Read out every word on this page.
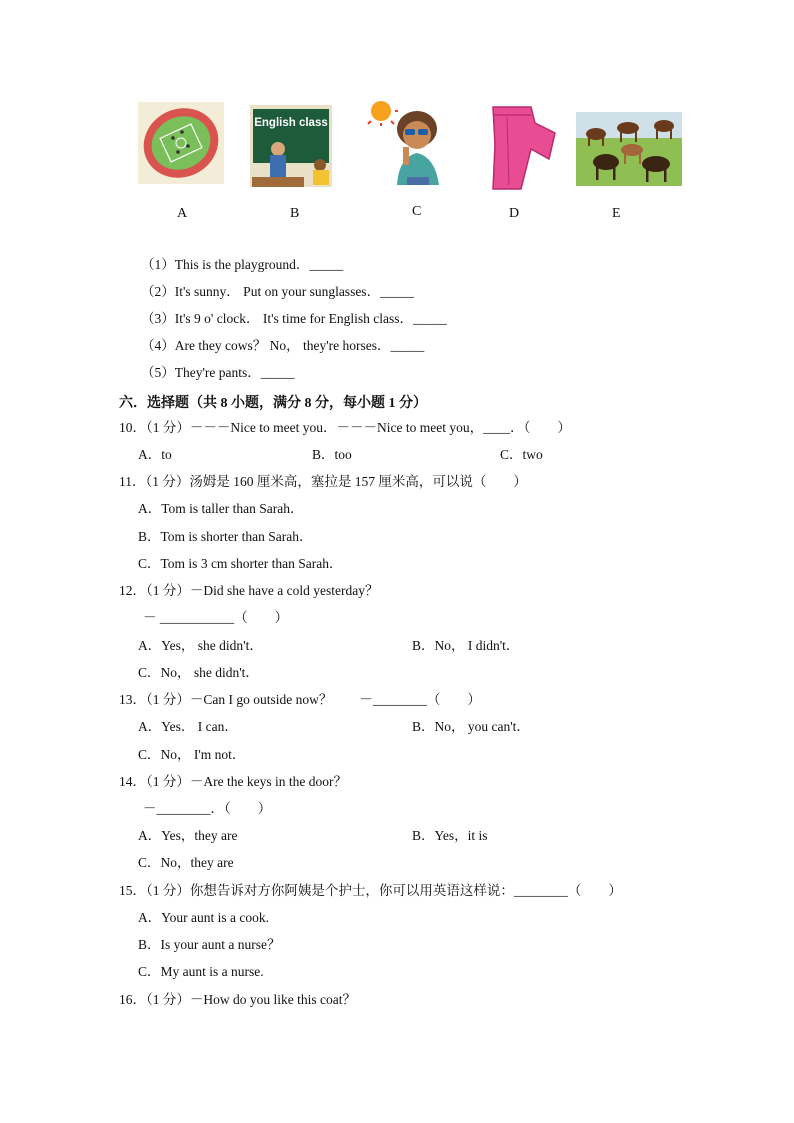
A
English class
B	C	D	E
（1）This is the playground．_____
（2）It's sunny． Put on your sunglasses．_____
（3）It's 9 o' clock． It's time for English class．_____
（4）Are they cows？ No， they're horses．_____
（5）They're pants．_____
六．选择题（共 8 小题，满分 8 分，每小题 1 分）
10．（1 分）－－－Nice to meet you．－－－Nice to meet you，____．（　　）
A．to	B．too	C．two
11．（1 分）汤姆是 160 厘米高，塞拉是 157 厘米高，可以说（　　）
A．Tom is taller than Sarah．
B．Tom is shorter than Sarah．
C．Tom is 3 cm shorter than Sarah．
12．（1 分）－Did she have a cold yesterday？
－ ___________（　　）
A．Yes， she didn't．	B．No， I didn't．
C．No， she didn't．
13．（1 分）－Can I go outside now？　　－________（　　）
A．Yes． I can．	B．No， you can't．
C．No， I'm not．
14．（1 分）－Are the keys in the door？
－________．（　　）
A．Yes，they are	B．Yes，it is
C．No，they are
15．（1 分）你想告诉对方你阿姨是个护士，你可以用英语这样说：________（　　）
A．Your aunt is a cook.
B．Is your aunt a nurse？
C．My aunt is a nurse.
16．（1 分）－How do you like this coat？
